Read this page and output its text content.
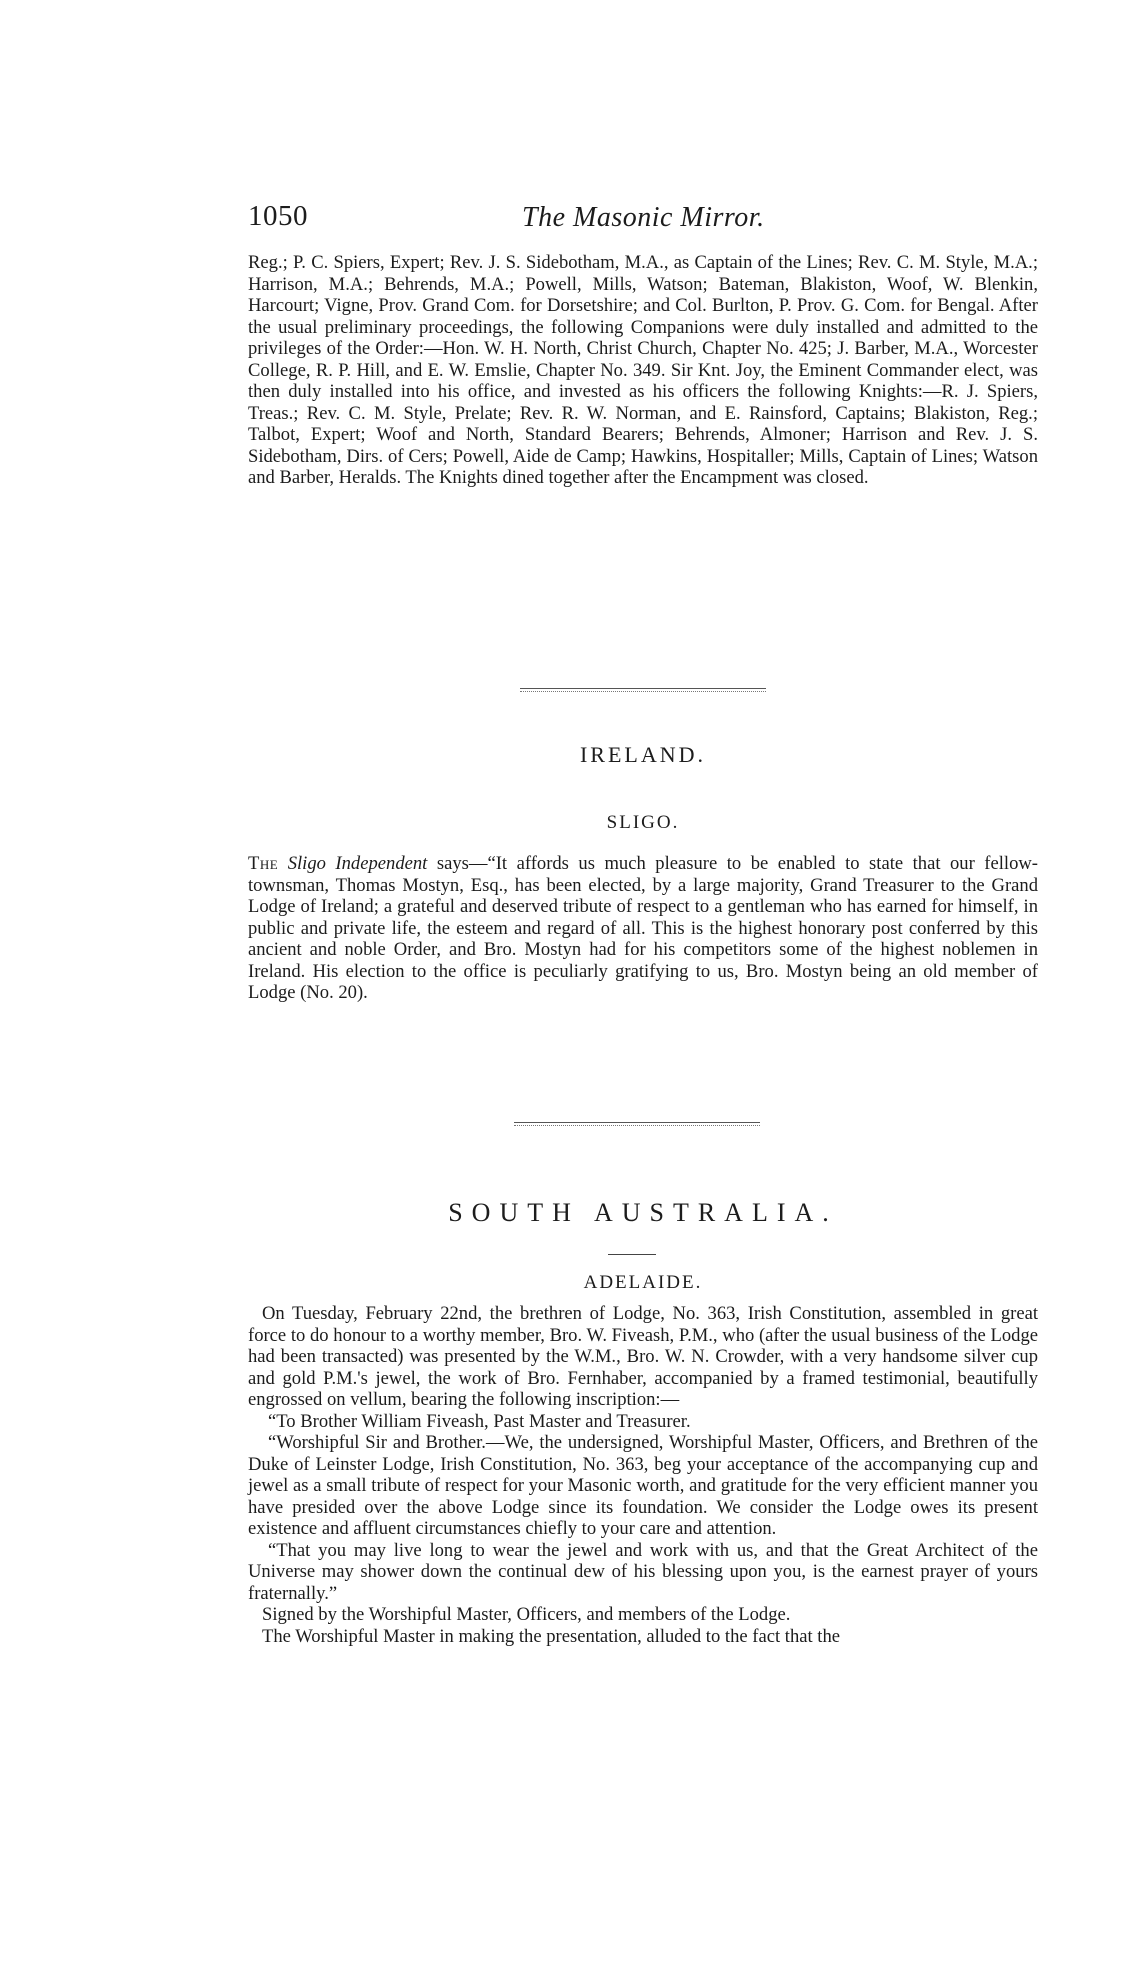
1050	The Masonic Mirror.

Reg.; P. C. Spiers, Expert; Rev. J. S. Sidebotham, M.A., as Captain of the Lines; Rev. C. M. Style, M.A.; Harrison, M.A.; Behrends, M.A.; Powell, Mills, Watson; Bateman, Blakiston, Woof, W. Blenkin, Harcourt; Vigne, Prov. Grand Com. for Dorsetshire; and Col. Burlton, P. Prov. G. Com. for Bengal. After the usual preliminary proceedings, the following Companions were duly installed and admitted to the privileges of the Order:—Hon. W. H. North, Christ Church, Chapter No. 425; J. Barber, M.A., Worcester College, R. P. Hill, and E. W. Emslie, Chapter No. 349. Sir Knt. Joy, the Eminent Commander elect, was then duly installed into his office, and invested as his officers the following Knights:—R. J. Spiers, Treas.; Rev. C. M. Style, Prelate; Rev. R. W. Norman, and E. Rainsford, Captains; Blakiston, Reg.; Talbot, Expert; Woof and North, Standard Bearers; Behrends, Almoner; Harrison and Rev. J. S. Sidebotham, Dirs. of Cers; Powell, Aide de Camp; Hawkins, Hospitaller; Mills, Captain of Lines; Watson and Barber, Heralds. The Knights dined together after the Encampment was closed.

IRELAND.
SLIGO.

The Sligo Independent says—“It affords us much pleasure to be enabled to state that our fellow-townsman, Thomas Mostyn, Esq., has been elected, by a large majority, Grand Treasurer to the Grand Lodge of Ireland; a grateful and deserved tribute of respect to a gentleman who has earned for himself, in public and private life, the esteem and regard of all. This is the highest honorary post conferred by this ancient and noble Order, and Bro. Mostyn had for his competitors some of the highest noblemen in Ireland. His election to the office is peculiarly gratifying to us, Bro. Mostyn being an old member of Lodge (No. 20).

SOUTH AUSTRALIA.
ADELAIDE.

On Tuesday, February 22nd, the brethren of Lodge, No. 363, Irish Constitution, assembled in great force to do honour to a worthy member, Bro. W. Fiveash, P.M., who (after the usual business of the Lodge had been transacted) was presented by the W.M., Bro. W. N. Crowder, with a very handsome silver cup and gold P.M.'s jewel, the work of Bro. Fernhaber, accompanied by a framed testimonial, beautifully engrossed on vellum, bearing the following inscription:—

“To Brother William Fiveash, Past Master and Treasurer.

“Worshipful Sir and Brother.—We, the undersigned, Worshipful Master, Officers, and Brethren of the Duke of Leinster Lodge, Irish Constitution, No. 363, beg your acceptance of the accompanying cup and jewel as a small tribute of respect for your Masonic worth, and gratitude for the very efficient manner you have presided over the above Lodge since its foundation. We consider the Lodge owes its present existence and affluent circumstances chiefly to your care and attention.

“That you may live long to wear the jewel and work with us, and that the Great Architect of the Universe may shower down the continual dew of his blessing upon you, is the earnest prayer of yours fraternally.”

Signed by the Worshipful Master, Officers, and members of the Lodge.

The Worshipful Master in making the presentation, alluded to the fact that the
